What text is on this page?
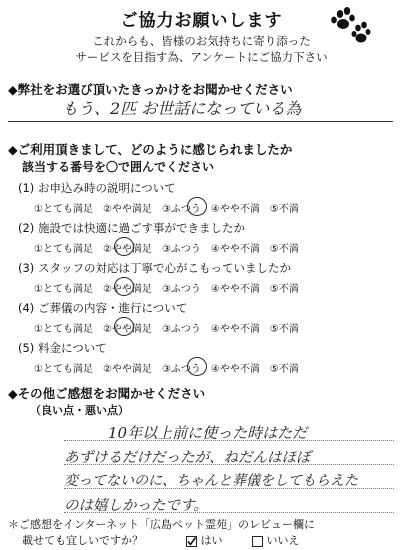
ご協力お願いします
これからも、皆様のお気持ちに寄り添った
サービスを目指す為、アンケートにご協力下さい
◆弊社をお選び頂いたきっかけをお聞かせください
もう、2匹 お世話になっている為
◆ご利用頂きまして、どのように感じられましたか
該当する番号を〇で囲んでください
(1) お申込み時の説明について
①とても満足 ②やや満足 ③ふつう ④やや不満 ⑤不満
(2) 施設では快適に過ごす事ができましたか
①とても満足 ②やや満足 ③ふつう ④やや不満 ⑤不満
(3) スタッフの対応は丁寧で心がこもっていましたか
①とても満足 ②やや満足 ③ふつう ④やや不満 ⑤不満
(4) ご葬儀の内容・進行について
①とても満足 ②やや満足 ③ふつう ④やや不満 ⑤不満
(5) 料金について
①とても満足 ②やや満足 ③ふつう ④やや不満 ⑤不満
◆その他ご感想をお聞かせください
（良い点・悪い点）
10年以上前に使った時はただ
あずけるだけだったが、ねだんはほぼ
変ってないのに、ちゃんと葬儀をしてもらえた
のは嬉しかったです。
＊ご感想をインターネット「広島ペット霊苑」のレビュー欄に
載せても宜しいですか？	はい	いいえ
